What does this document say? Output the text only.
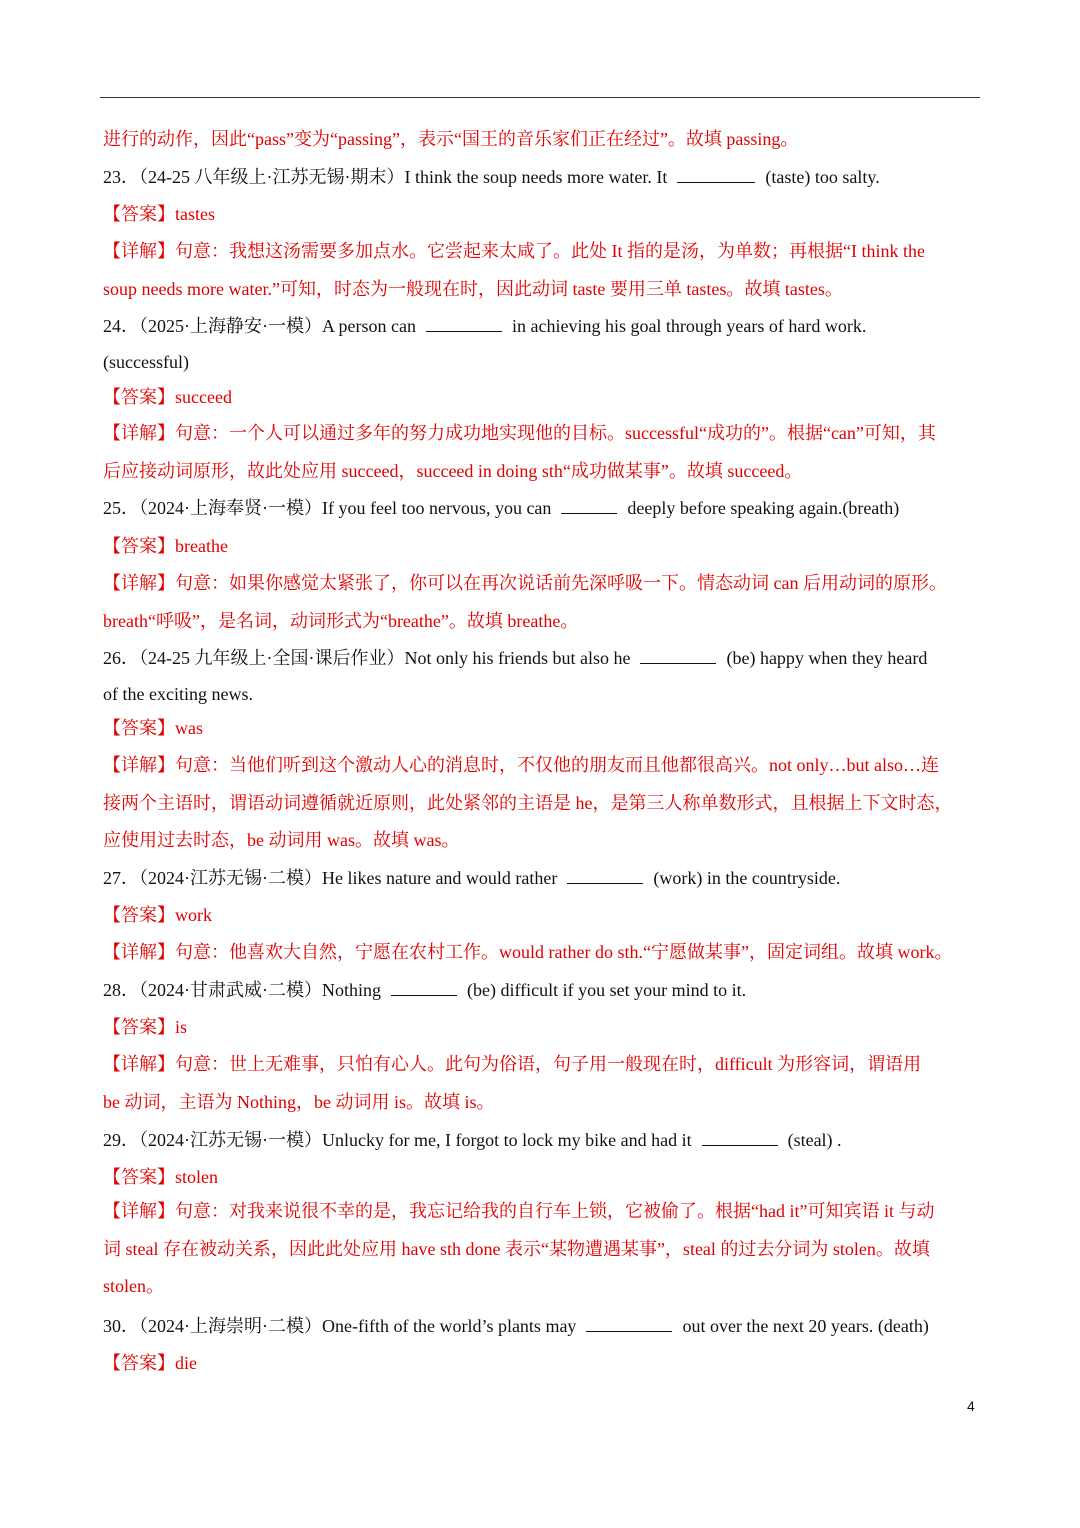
进行的动作，因此“pass”变为“passing”，表示“国王的音乐家们正在经过”。故填 passing。
23．（24-25 八年级上·江苏无锡·期末）I think the soup needs more water. It	(taste) too salty.
【答案】tastes
【详解】句意：我想这汤需要多加点水。它尝起来太咸了。此处 It 指的是汤，为单数；再根据“I think the
soup needs more water.”可知，时态为一般现在时，因此动词 taste 要用三单 tastes。故填 tastes。
24．（2025·上海静安·一模）A person can	in achieving his goal through years of hard work.
(successful)
【答案】succeed
【详解】句意：一个人可以通过多年的努力成功地实现他的目标。successful“成功的”。根据“can”可知，其
后应接动词原形，故此处应用 succeed，succeed in doing sth“成功做某事”。故填 succeed。
25．（2024·上海奉贤·一模）If you feel too nervous, you can	deeply before speaking again.(breath)
【答案】breathe
【详解】句意：如果你感觉太紧张了，你可以在再次说话前先深呼吸一下。情态动词 can 后用动词的原形。
breath“呼吸”，是名词，动词形式为“breathe”。故填 breathe。
26．（24-25 九年级上·全国·课后作业）Not only his friends but also he	(be) happy when they heard
of the exciting news.
【答案】was
【详解】句意：当他们听到这个激动人心的消息时，不仅他的朋友而且他都很高兴。not only…but also…连
接两个主语时，谓语动词遵循就近原则，此处紧邻的主语是 he，是第三人称单数形式，且根据上下文时态，
应使用过去时态，be 动词用 was。故填 was。
27．（2024·江苏无锡·二模）He likes nature and would rather	(work) in the countryside.
【答案】work
【详解】句意：他喜欢大自然，宁愿在农村工作。would rather do sth.“宁愿做某事”，固定词组。故填 work。
28．（2024·甘肃武威·二模）Nothing	(be) difficult if you set your mind to it.
【答案】is
【详解】句意：世上无难事，只怕有心人。此句为俗语，句子用一般现在时，difficult 为形容词，谓语用
be 动词，主语为 Nothing，be 动词用 is。故填 is。
29．（2024·江苏无锡·一模）Unlucky for me, I forgot to lock my bike and had it	(steal) .
【答案】stolen
【详解】句意：对我来说很不幸的是，我忘记给我的自行车上锁，它被偷了。根据“had it”可知宾语 it 与动
词 steal 存在被动关系，因此此处应用 have sth done 表示“某物遭遇某事”，steal 的过去分词为 stolen。故填
stolen。
30．（2024·上海崇明·二模）One-fifth of the world’s plants may	out over the next 20 years. (death)
【答案】die
4
